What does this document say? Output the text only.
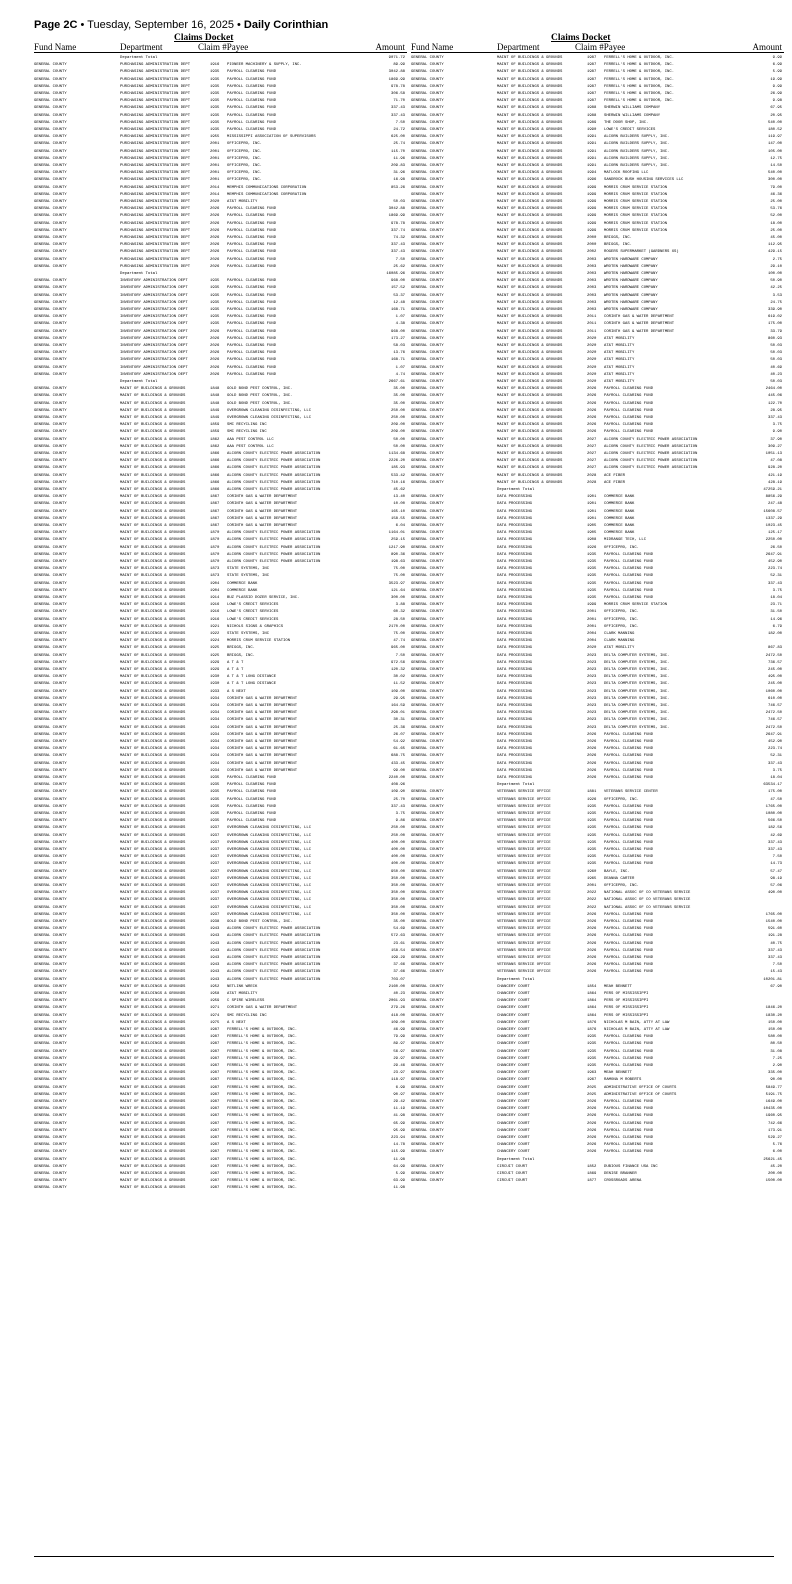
Page 2C • Tuesday, September 16, 2025 • Daily Corinthian
Claims Docket
Fund Name	Department	Claim #Payee	Amount
Department Total	9071.72
GENERAL COUNTY	PURCHASING ADMINISTRATION DEPT	1916	PIONEER MACHINERY & SUPPLY, INC.	89.99
GENERAL COUNTY	PURCHASING ADMINISTRATION DEPT	1935	PAYROLL CLEARING FUND	3042.88
GENERAL COUNTY	PURCHASING ADMINISTRATION DEPT	1935	PAYROLL CLEARING FUND	1869.99
GENERAL COUNTY	PURCHASING ADMINISTRATION DEPT	1935	PAYROLL CLEARING FUND	978.78
GENERAL COUNTY	PURCHASING ADMINISTRATION DEPT	1935	PAYROLL CLEARING FUND	306.58
GENERAL COUNTY	PURCHASING ADMINISTRATION DEPT	1935	PAYROLL CLEARING FUND	71.70
GENERAL COUNTY	PURCHASING ADMINISTRATION DEPT	1935	PAYROLL CLEARING FUND	337.43
GENERAL COUNTY	PURCHASING ADMINISTRATION DEPT	1935	PAYROLL CLEARING FUND	337.43
GENERAL COUNTY	PURCHASING ADMINISTRATION DEPT	1935	PAYROLL CLEARING FUND	7.50
GENERAL COUNTY	PURCHASING ADMINISTRATION DEPT	1935	PAYROLL CLEARING FUND	24.72
GENERAL COUNTY	PURCHASING ADMINISTRATION DEPT	1955	MISSISSIPPI ASSOCIATION OF SUPERVISORS	625.00
GENERAL COUNTY	PURCHASING ADMINISTRATION DEPT	2001	OFFICEPRO, INC.	25.74
GENERAL COUNTY	PURCHASING ADMINISTRATION DEPT	2001	OFFICEPRO, INC.	115.70
GENERAL COUNTY	PURCHASING ADMINISTRATION DEPT	2001	OFFICEPRO, INC.	11.96
GENERAL COUNTY	PURCHASING ADMINISTRATION DEPT	2001	OFFICEPRO, INC.	209.83
GENERAL COUNTY	PURCHASING ADMINISTRATION DEPT	2001	OFFICEPRO, INC.	31.96
GENERAL COUNTY	PURCHASING ADMINISTRATION DEPT	2001	OFFICEPRO, INC.	16.98
GENERAL COUNTY	PURCHASING ADMINISTRATION DEPT	2014	MEMPHIS COMMUNICATIONS CORPORATION	853.26
GENERAL COUNTY	PURCHASING ADMINISTRATION DEPT	2014	MEMPHIS COMMUNICATIONS CORPORATION
GENERAL COUNTY	PURCHASING ADMINISTRATION DEPT	2020	AT&T MOBILITY	50.03
GENERAL COUNTY	PURCHASING ADMINISTRATION DEPT	2026	PAYROLL CLEARING FUND	3042.88
GENERAL COUNTY	PURCHASING ADMINISTRATION DEPT	2026	PAYROLL CLEARING FUND	1869.99
GENERAL COUNTY	PURCHASING ADMINISTRATION DEPT	2026	PAYROLL CLEARING FUND	978.78
GENERAL COUNTY	PURCHASING ADMINISTRATION DEPT	2026	PAYROLL CLEARING FUND	337.74
GENERAL COUNTY	PURCHASING ADMINISTRATION DEPT	2026	PAYROLL CLEARING FUND	74.32
GENERAL COUNTY	PURCHASING ADMINISTRATION DEPT	2026	PAYROLL CLEARING FUND	337.43
GENERAL COUNTY	PURCHASING ADMINISTRATION DEPT	2026	PAYROLL CLEARING FUND	337.43
GENERAL COUNTY	PURCHASING ADMINISTRATION DEPT	2026	PAYROLL CLEARING FUND	7.50
GENERAL COUNTY	PURCHASING ADMINISTRATION DEPT	2026	PAYROLL CLEARING FUND	25.62
Department Total	16085.96
GENERAL COUNTY	INVENTORY ADMINISTRATION DEPT	1935	PAYROLL CLEARING FUND	968.00
GENERAL COUNTY	INVENTORY ADMINISTRATION DEPT	1935	PAYROLL CLEARING FUND	157.52
GENERAL COUNTY	INVENTORY ADMINISTRATION DEPT	1935	PAYROLL CLEARING FUND	53.37
GENERAL COUNTY	INVENTORY ADMINISTRATION DEPT	1935	PAYROLL CLEARING FUND	12.48
GENERAL COUNTY	INVENTORY ADMINISTRATION DEPT	1935	PAYROLL CLEARING FUND	168.71
GENERAL COUNTY	INVENTORY ADMINISTRATION DEPT	1935	PAYROLL CLEARING FUND	1.07
GENERAL COUNTY	INVENTORY ADMINISTRATION DEPT	1935	PAYROLL CLEARING FUND	4.38
GENERAL COUNTY	INVENTORY ADMINISTRATION DEPT	2026	PAYROLL CLEARING FUND	968.00
GENERAL COUNTY	INVENTORY ADMINISTRATION DEPT	2026	PAYROLL CLEARING FUND	173.27
GENERAL COUNTY	INVENTORY ADMINISTRATION DEPT	2026	PAYROLL CLEARING FUND	58.03
GENERAL COUNTY	INVENTORY ADMINISTRATION DEPT	2026	PAYROLL CLEARING FUND	13.76
GENERAL COUNTY	INVENTORY ADMINISTRATION DEPT	2026	PAYROLL CLEARING FUND	168.71
GENERAL COUNTY	INVENTORY ADMINISTRATION DEPT	2026	PAYROLL CLEARING FUND	1.07
GENERAL COUNTY	INVENTORY ADMINISTRATION DEPT	2026	PAYROLL CLEARING FUND	4.74
Department Total	2667.61
GENERAL COUNTY	MAINT OF BUILDINGS & GROUNDS	1848	GOLD BOND PEST CONTROL, INC.	35.00
GENERAL COUNTY	MAINT OF BUILDINGS & GROUNDS	1848	GOLD BOND PEST CONTROL, INC.	35.00
GENERAL COUNTY	MAINT OF BUILDINGS & GROUNDS	1848	GOLD BOND PEST CONTROL, INC.	35.00
GENERAL COUNTY	MAINT OF BUILDINGS & GROUNDS	1849	OVERGROWN CLEANING DISINFECTING, LLC	250.00
GENERAL COUNTY	MAINT OF BUILDINGS & GROUNDS	1849	OVERGROWN CLEANING DISINFECTING, LLC	250.00
GENERAL COUNTY	MAINT OF BUILDINGS & GROUNDS	1859	SMC RECYCLING INC	209.00
GENERAL COUNTY	MAINT OF BUILDINGS & GROUNDS	1859	SMC RECYCLING INC	209.00
GENERAL COUNTY	MAINT OF BUILDINGS & GROUNDS	1862	AAA PEST CONTROL LLC	50.00
GENERAL COUNTY	MAINT OF BUILDINGS & GROUNDS	1862	AAA PEST CONTROL LLC	50.00
GENERAL COUNTY	MAINT OF BUILDINGS & GROUNDS	1866	ALCORN COUNTY ELECTRIC POWER ASSOCIATION	1134.68
GENERAL COUNTY	MAINT OF BUILDINGS & GROUNDS	1866	ALCORN COUNTY ELECTRIC POWER ASSOCIATION	2226.20
GENERAL COUNTY	MAINT OF BUILDINGS & GROUNDS	1866	ALCORN COUNTY ELECTRIC POWER ASSOCIATION	185.93
GENERAL COUNTY	MAINT OF BUILDINGS & GROUNDS	1866	ALCORN COUNTY ELECTRIC POWER ASSOCIATION	533.42
GENERAL COUNTY	MAINT OF BUILDINGS & GROUNDS	1866	ALCORN COUNTY ELECTRIC POWER ASSOCIATION	710.16
GENERAL COUNTY	MAINT OF BUILDINGS & GROUNDS	1866	ALCORN COUNTY ELECTRIC POWER ASSOCIATION	45.62
GENERAL COUNTY	MAINT OF BUILDINGS & GROUNDS	1867	CORINTH GAS & WATER DEPARTMENT	13.40
GENERAL COUNTY	MAINT OF BUILDINGS & GROUNDS	1867	CORINTH GAS & WATER DEPARTMENT	10.00
GENERAL COUNTY	MAINT OF BUILDINGS & GROUNDS	1867	CORINTH GAS & WATER DEPARTMENT	165.10
GENERAL COUNTY	MAINT OF BUILDINGS & GROUNDS	1867	CORINTH GAS & WATER DEPARTMENT	158.55
GENERAL COUNTY	MAINT OF BUILDINGS & GROUNDS	1867	CORINTH GAS & WATER DEPARTMENT	6.04
GENERAL COUNTY	MAINT OF BUILDINGS & GROUNDS	1870	ALCORN COUNTY ELECTRIC POWER ASSOCIATION	1164.01
GENERAL COUNTY	MAINT OF BUILDINGS & GROUNDS	1870	ALCORN COUNTY ELECTRIC POWER ASSOCIATION	259.15
GENERAL COUNTY	MAINT OF BUILDINGS & GROUNDS	1870	ALCORN COUNTY ELECTRIC POWER ASSOCIATION	1217.90
GENERAL COUNTY	MAINT OF BUILDINGS & GROUNDS	1870	ALCORN COUNTY ELECTRIC POWER ASSOCIATION	890.36
GENERAL COUNTY	MAINT OF BUILDINGS & GROUNDS	1870	ALCORN COUNTY ELECTRIC POWER ASSOCIATION	198.63
GENERAL COUNTY	MAINT OF BUILDINGS & GROUNDS	1873	STATE SYSTEMS, INC	75.00
GENERAL COUNTY	MAINT OF BUILDINGS & GROUNDS	1873	STATE SYSTEMS, INC	75.00
GENERAL COUNTY	MAINT OF BUILDINGS & GROUNDS	1904	COMMERCE BANK	3523.97
GENERAL COUNTY	MAINT OF BUILDINGS & GROUNDS	1904	COMMERCE BANK	121.64
GENERAL COUNTY	MAINT OF BUILDINGS & GROUNDS	1914	BUZ PLASSID DOZER SERVICE, INC.	300.00
GENERAL COUNTY	MAINT OF BUILDINGS & GROUNDS	1916	LOWE'S CREDIT SERVICES	3.88
GENERAL COUNTY	MAINT OF BUILDINGS & GROUNDS	1916	LOWE'S CREDIT SERVICES	60.32
GENERAL COUNTY	MAINT OF BUILDINGS & GROUNDS	1916	LOWE'S CREDIT SERVICES	28.50
GENERAL COUNTY	MAINT OF BUILDINGS & GROUNDS	1921	NICHOLS SIGNS & GRAPHICS	2170.00
GENERAL COUNTY	MAINT OF BUILDINGS & GROUNDS	1922	STATE SYSTEMS, INC	75.00
GENERAL COUNTY	MAINT OF BUILDINGS & GROUNDS	1924	MORRIS CRUM SERVICE STATION	47.74
GENERAL COUNTY	MAINT OF BUILDINGS & GROUNDS	1925	BRIGGS, INC.	965.00
GENERAL COUNTY	MAINT OF BUILDINGS & GROUNDS	1925	BRIGGS, INC.	7.50
GENERAL COUNTY	MAINT OF BUILDINGS & GROUNDS	1929	A T & T	972.56
GENERAL COUNTY	MAINT OF BUILDINGS & GROUNDS	1929	A T & T	120.32
GENERAL COUNTY	MAINT OF BUILDINGS & GROUNDS	1930	A T & T LONG DISTANCE	30.02
GENERAL COUNTY	MAINT OF BUILDINGS & GROUNDS	1930	A T & T LONG DISTANCE	11.52
GENERAL COUNTY	MAINT OF BUILDINGS & GROUNDS	1933	A S NEXT	109.00
GENERAL COUNTY	MAINT OF BUILDINGS & GROUNDS	1934	CORINTH GAS & WATER DEPARTMENT	29.95
GENERAL COUNTY	MAINT OF BUILDINGS & GROUNDS	1934	CORINTH GAS & WATER DEPARTMENT	164.59
GENERAL COUNTY	MAINT OF BUILDINGS & GROUNDS	1934	CORINTH GAS & WATER DEPARTMENT	298.01
GENERAL COUNTY	MAINT OF BUILDINGS & GROUNDS	1934	CORINTH GAS & WATER DEPARTMENT	30.31
GENERAL COUNTY	MAINT OF BUILDINGS & GROUNDS	1934	CORINTH GAS & WATER DEPARTMENT	25.36
GENERAL COUNTY	MAINT OF BUILDINGS & GROUNDS	1934	CORINTH GAS & WATER DEPARTMENT	26.07
GENERAL COUNTY	MAINT OF BUILDINGS & GROUNDS	1934	CORINTH GAS & WATER DEPARTMENT	54.92
GENERAL COUNTY	MAINT OF BUILDINGS & GROUNDS	1934	CORINTH GAS & WATER DEPARTMENT	61.65
GENERAL COUNTY	MAINT OF BUILDINGS & GROUNDS	1934	CORINTH GAS & WATER DEPARTMENT	688.75
GENERAL COUNTY	MAINT OF BUILDINGS & GROUNDS	1934	CORINTH GAS & WATER DEPARTMENT	433.45
GENERAL COUNTY	MAINT OF BUILDINGS & GROUNDS	1934	CORINTH GAS & WATER DEPARTMENT	99.00
GENERAL COUNTY	MAINT OF BUILDINGS & GROUNDS	1935	PAYROLL CLEARING FUND	2240.00
GENERAL COUNTY	MAINT OF BUILDINGS & GROUNDS	1935	PAYROLL CLEARING FUND	408.96
GENERAL COUNTY	MAINT OF BUILDINGS & GROUNDS	1935	PAYROLL CLEARING FUND	109.90
GENERAL COUNTY	MAINT OF BUILDINGS & GROUNDS	1935	PAYROLL CLEARING FUND	25.70
GENERAL COUNTY	MAINT OF BUILDINGS & GROUNDS	1935	PAYROLL CLEARING FUND	337.43
GENERAL COUNTY	MAINT OF BUILDINGS & GROUNDS	1935	PAYROLL CLEARING FUND	3.75
GENERAL COUNTY	MAINT OF BUILDINGS & GROUNDS	1935	PAYROLL CLEARING FUND	9.86
GENERAL COUNTY	MAINT OF BUILDINGS & GROUNDS	1937	OVERGROWN CLEANING DISINFECTING, LLC	250.00
GENERAL COUNTY	MAINT OF BUILDINGS & GROUNDS	1937	OVERGROWN CLEANING DISINFECTING, LLC	250.00
GENERAL COUNTY	MAINT OF BUILDINGS & GROUNDS	1937	OVERGROWN CLEANING DISINFECTING, LLC	400.00
GENERAL COUNTY	MAINT OF BUILDINGS & GROUNDS	1937	OVERGROWN CLEANING DISINFECTING, LLC	400.00
GENERAL COUNTY	MAINT OF BUILDINGS & GROUNDS	1937	OVERGROWN CLEANING DISINFECTING, LLC	400.00
GENERAL COUNTY	MAINT OF BUILDINGS & GROUNDS	1937	OVERGROWN CLEANING DISINFECTING, LLC	400.00
GENERAL COUNTY	MAINT OF BUILDINGS & GROUNDS	1937	OVERGROWN CLEANING DISINFECTING, LLC	950.00
GENERAL COUNTY	MAINT OF BUILDINGS & GROUNDS	1937	OVERGROWN CLEANING DISINFECTING, LLC	350.00
GENERAL COUNTY	MAINT OF BUILDINGS & GROUNDS	1937	OVERGROWN CLEANING DISINFECTING, LLC	350.00
GENERAL COUNTY	MAINT OF BUILDINGS & GROUNDS	1937	OVERGROWN CLEANING DISINFECTING, LLC	350.00
GENERAL COUNTY	MAINT OF BUILDINGS & GROUNDS	1937	OVERGROWN CLEANING DISINFECTING, LLC	350.00
GENERAL COUNTY	MAINT OF BUILDINGS & GROUNDS	1937	OVERGROWN CLEANING DISINFECTING, LLC	350.00
GENERAL COUNTY	MAINT OF BUILDINGS & GROUNDS	1937	OVERGROWN CLEANING DISINFECTING, LLC	350.00
GENERAL COUNTY	MAINT OF BUILDINGS & GROUNDS	1938	GOLD BOND PEST CONTROL, INC.	35.00
GENERAL COUNTY	MAINT OF BUILDINGS & GROUNDS	1943	ALCORN COUNTY ELECTRIC POWER ASSOCIATION	54.69
GENERAL COUNTY	MAINT OF BUILDINGS & GROUNDS	1943	ALCORN COUNTY ELECTRIC POWER ASSOCIATION	572.63
GENERAL COUNTY	MAINT OF BUILDINGS & GROUNDS	1943	ALCORN COUNTY ELECTRIC POWER ASSOCIATION	23.61
GENERAL COUNTY	MAINT OF BUILDINGS & GROUNDS	1943	ALCORN COUNTY ELECTRIC POWER ASSOCIATION	158.54
GENERAL COUNTY	MAINT OF BUILDINGS & GROUNDS	1943	ALCORN COUNTY ELECTRIC POWER ASSOCIATION	199.29
GENERAL COUNTY	MAINT OF BUILDINGS & GROUNDS	1943	ALCORN COUNTY ELECTRIC POWER ASSOCIATION	37.66
GENERAL COUNTY	MAINT OF BUILDINGS & GROUNDS	1943	ALCORN COUNTY ELECTRIC POWER ASSOCIATION	37.66
GENERAL COUNTY	MAINT OF BUILDINGS & GROUNDS	1943	ALCORN COUNTY ELECTRIC POWER ASSOCIATION	703.07
GENERAL COUNTY	MAINT OF BUILDINGS & GROUNDS	1952	NETLINK WRECK	2160.00
GENERAL COUNTY	MAINT OF BUILDINGS & GROUNDS	1958	AT&T MOBILITY	40.23
GENERAL COUNTY	MAINT OF BUILDINGS & GROUNDS	1959	C SPIRE WIRELESS	2061.93
GENERAL COUNTY	MAINT OF BUILDINGS & GROUNDS	1971	CORINTH GAS & WATER DEPARTMENT	279.26
GENERAL COUNTY	MAINT OF BUILDINGS & GROUNDS	1974	SMC RECYCLING INC	418.00
GENERAL COUNTY	MAINT OF BUILDINGS & GROUNDS	1975	A S NEXT	109.00
GENERAL COUNTY	MAINT OF BUILDINGS & GROUNDS	1987	FERRELL'S HOME & OUTDOOR, INC.	46.99
GENERAL COUNTY	MAINT OF BUILDINGS & GROUNDS	1987	FERRELL'S HOME & OUTDOOR, INC.	79.99
GENERAL COUNTY	MAINT OF BUILDINGS & GROUNDS	1987	FERRELL'S HOME & OUTDOOR, INC.	89.97
GENERAL COUNTY	MAINT OF BUILDINGS & GROUNDS	1987	FERRELL'S HOME & OUTDOOR, INC.	56.97
GENERAL COUNTY	MAINT OF BUILDINGS & GROUNDS	1987	FERRELL'S HOME & OUTDOOR, INC.	29.97
GENERAL COUNTY	MAINT OF BUILDINGS & GROUNDS	1987	FERRELL'S HOME & OUTDOOR, INC.	29.46
GENERAL COUNTY	MAINT OF BUILDINGS & GROUNDS	1987	FERRELL'S HOME & OUTDOOR, INC.	23.97
GENERAL COUNTY	MAINT OF BUILDINGS & GROUNDS	1987	FERRELL'S HOME & OUTDOOR, INC.	118.97
GENERAL COUNTY	MAINT OF BUILDINGS & GROUNDS	1987	FERRELL'S HOME & OUTDOOR, INC.	6.99
GENERAL COUNTY	MAINT OF BUILDINGS & GROUNDS	1987	FERRELL'S HOME & OUTDOOR, INC.	90.97
GENERAL COUNTY	MAINT OF BUILDINGS & GROUNDS	1987	FERRELL'S HOME & OUTDOOR, INC.	29.42
GENERAL COUNTY	MAINT OF BUILDINGS & GROUNDS	1987	FERRELL'S HOME & OUTDOOR, INC.	11.19
GENERAL COUNTY	MAINT OF BUILDINGS & GROUNDS	1987	FERRELL'S HOME & OUTDOOR, INC.	41.98
GENERAL COUNTY	MAINT OF BUILDINGS & GROUNDS	1987	FERRELL'S HOME & OUTDOOR, INC.	65.99
GENERAL COUNTY	MAINT OF BUILDINGS & GROUNDS	1987	FERRELL'S HOME & OUTDOOR, INC.	95.99
GENERAL COUNTY	MAINT OF BUILDINGS & GROUNDS	1987	FERRELL'S HOME & OUTDOOR, INC.	223.94
GENERAL COUNTY	MAINT OF BUILDINGS & GROUNDS	1987	FERRELL'S HOME & OUTDOOR, INC.	14.78
GENERAL COUNTY	MAINT OF BUILDINGS & GROUNDS	1987	FERRELL'S HOME & OUTDOOR, INC.	115.99
GENERAL COUNTY	MAINT OF BUILDINGS & GROUNDS	1987	FERRELL'S HOME & OUTDOOR, INC.	11.98
GENERAL COUNTY	MAINT OF BUILDINGS & GROUNDS	1987	FERRELL'S HOME & OUTDOOR, INC.	64.99
GENERAL COUNTY	MAINT OF BUILDINGS & GROUNDS	1987	FERRELL'S HOME & OUTDOOR, INC.	5.99
GENERAL COUNTY	MAINT OF BUILDINGS & GROUNDS	1987	FERRELL'S HOME & OUTDOOR, INC.	63.99
GENERAL COUNTY	MAINT OF BUILDINGS & GROUNDS	1987	FERRELL'S HOME & OUTDOOR, INC.	11.98
Claims Docket
Fund Name	Department	Claim #Payee	Amount
GENERAL COUNTY	MAINT OF BUILDINGS & GROUNDS	1987	FERRELL'S HOME & OUTDOOR, INC.	9.99
GENERAL COUNTY	MAINT OF BUILDINGS & GROUNDS	1987	FERRELL'S HOME & OUTDOOR, INC.	6.99
GENERAL COUNTY	MAINT OF BUILDINGS & GROUNDS	1987	FERRELL'S HOME & OUTDOOR, INC.	5.99
GENERAL COUNTY	MAINT OF BUILDINGS & GROUNDS	1987	FERRELL'S HOME & OUTDOOR, INC.	19.99
GENERAL COUNTY	MAINT OF BUILDINGS & GROUNDS	1987	FERRELL'S HOME & OUTDOOR, INC.	9.99
GENERAL COUNTY	MAINT OF BUILDINGS & GROUNDS	1987	FERRELL'S HOME & OUTDOOR, INC.	26.99
GENERAL COUNTY	MAINT OF BUILDINGS & GROUNDS	1987	FERRELL'S HOME & OUTDOOR, INC.	9.98
GENERAL COUNTY	MAINT OF BUILDINGS & GROUNDS	1988	SHERWIN WILLIAMS COMPANY	67.95
GENERAL COUNTY	MAINT OF BUILDINGS & GROUNDS	1988	SHERWIN WILLIAMS COMPANY	20.95
GENERAL COUNTY	MAINT OF BUILDINGS & GROUNDS	1989	THE DOOR SHOP, INC.	540.00
GENERAL COUNTY	MAINT OF BUILDINGS & GROUNDS	1990	LOWE'S CREDIT SERVICES	180.52
GENERAL COUNTY	MAINT OF BUILDINGS & GROUNDS	1991	ALCORN BUILDERS SUPPLY, INC.	119.97
GENERAL COUNTY	MAINT OF BUILDINGS & GROUNDS	1991	ALCORN BUILDERS SUPPLY, INC.	147.00
GENERAL COUNTY	MAINT OF BUILDINGS & GROUNDS	1991	ALCORN BUILDERS SUPPLY, INC.	105.00
GENERAL COUNTY	MAINT OF BUILDINGS & GROUNDS	1991	ALCORN BUILDERS SUPPLY, INC.	12.75
GENERAL COUNTY	MAINT OF BUILDINGS & GROUNDS	1991	ALCORN BUILDERS SUPPLY, INC.	14.50
GENERAL COUNTY	MAINT OF BUILDINGS & GROUNDS	1994	MATLOCK ROOFING LLC	540.00
GENERAL COUNTY	MAINT OF BUILDINGS & GROUNDS	1996	SANDROCK BUSH HOUSING SERVICES LLC	300.00
GENERAL COUNTY	MAINT OF BUILDINGS & GROUNDS	1999	MORRIS CRUM SERVICE STATION	79.00
GENERAL COUNTY	MAINT OF BUILDINGS & GROUNDS	1999	MORRIS CRUM SERVICE STATION	46.36
GENERAL COUNTY	MAINT OF BUILDINGS & GROUNDS	1999	MORRIS CRUM SERVICE STATION	25.00
GENERAL COUNTY	MAINT OF BUILDINGS & GROUNDS	1999	MORRIS CRUM SERVICE STATION	53.76
GENERAL COUNTY	MAINT OF BUILDINGS & GROUNDS	1999	MORRIS CRUM SERVICE STATION	52.00
GENERAL COUNTY	MAINT OF BUILDINGS & GROUNDS	1999	MORRIS CRUM SERVICE STATION	18.00
GENERAL COUNTY	MAINT OF BUILDINGS & GROUNDS	1999	MORRIS CRUM SERVICE STATION	25.00
GENERAL COUNTY	MAINT OF BUILDINGS & GROUNDS	2000	BRIGGS, INC.	45.00
GENERAL COUNTY	MAINT OF BUILDINGS & GROUNDS	2000	BRIGGS, INC.	112.95
GENERAL COUNTY	MAINT OF BUILDINGS & GROUNDS	2002	ROGERS SUPERMARKET (GARDNERS XS)	429.15
GENERAL COUNTY	MAINT OF BUILDINGS & GROUNDS	2003	WROTEN HARDWARE COMPANY	2.75
GENERAL COUNTY	MAINT OF BUILDINGS & GROUNDS	2003	WROTEN HARDWARE COMPANY	29.10
GENERAL COUNTY	MAINT OF BUILDINGS & GROUNDS	2003	WROTEN HARDWARE COMPANY	100.00
GENERAL COUNTY	MAINT OF BUILDINGS & GROUNDS	2003	WROTEN HARDWARE COMPANY	50.90
GENERAL COUNTY	MAINT OF BUILDINGS & GROUNDS	2003	WROTEN HARDWARE COMPANY	42.25
GENERAL COUNTY	MAINT OF BUILDINGS & GROUNDS	2003	WROTEN HARDWARE COMPANY	3.53
GENERAL COUNTY	MAINT OF BUILDINGS & GROUNDS	2003	WROTEN HARDWARE COMPANY	24.75
GENERAL COUNTY	MAINT OF BUILDINGS & GROUNDS	2003	WROTEN HARDWARE COMPANY	339.90
GENERAL COUNTY	MAINT OF BUILDINGS & GROUNDS	2011	CORINTH GAS & WATER DEPARTMENT	619.02
GENERAL COUNTY	MAINT OF BUILDINGS & GROUNDS	2011	CORINTH GAS & WATER DEPARTMENT	175.00
GENERAL COUNTY	MAINT OF BUILDINGS & GROUNDS	2011	CORINTH GAS & WATER DEPARTMENT	33.79
GENERAL COUNTY	MAINT OF BUILDINGS & GROUNDS	2020	AT&T MOBILITY	860.93
GENERAL COUNTY	MAINT OF BUILDINGS & GROUNDS	2020	AT&T MOBILITY	50.03
GENERAL COUNTY	MAINT OF BUILDINGS & GROUNDS	2020	AT&T MOBILITY	50.03
GENERAL COUNTY	MAINT OF BUILDINGS & GROUNDS	2020	AT&T MOBILITY	50.03
GENERAL COUNTY	MAINT OF BUILDINGS & GROUNDS	2020	AT&T MOBILITY	40.69
GENERAL COUNTY	MAINT OF BUILDINGS & GROUNDS	2020	AT&T MOBILITY	40.23
GENERAL COUNTY	MAINT OF BUILDINGS & GROUNDS	2020	AT&T MOBILITY	50.03
GENERAL COUNTY	MAINT OF BUILDINGS & GROUNDS	2026	PAYROLL CLEARING FUND	2464.00
GENERAL COUNTY	MAINT OF BUILDINGS & GROUNDS	2026	PAYROLL CLEARING FUND	445.06
GENERAL COUNTY	MAINT OF BUILDINGS & GROUNDS	2026	PAYROLL CLEARING FUND	122.70
GENERAL COUNTY	MAINT OF BUILDINGS & GROUNDS	2026	PAYROLL CLEARING FUND	28.95
GENERAL COUNTY	MAINT OF BUILDINGS & GROUNDS	2026	PAYROLL CLEARING FUND	337.43
GENERAL COUNTY	MAINT OF BUILDINGS & GROUNDS	2026	PAYROLL CLEARING FUND	3.75
GENERAL COUNTY	MAINT OF BUILDINGS & GROUNDS	2026	PAYROLL CLEARING FUND	9.90
GENERAL COUNTY	MAINT OF BUILDINGS & GROUNDS	2027	ALCORN COUNTY ELECTRIC POWER ASSOCIATION	37.90
GENERAL COUNTY	MAINT OF BUILDINGS & GROUNDS	2027	ALCORN COUNTY ELECTRIC POWER ASSOCIATION	309.27
GENERAL COUNTY	MAINT OF BUILDINGS & GROUNDS	2027	ALCORN COUNTY ELECTRIC POWER ASSOCIATION	1051.13
GENERAL COUNTY	MAINT OF BUILDINGS & GROUNDS	2027	ALCORN COUNTY ELECTRIC POWER ASSOCIATION	47.08
GENERAL COUNTY	MAINT OF BUILDINGS & GROUNDS	2027	ALCORN COUNTY ELECTRIC POWER ASSOCIATION	928.20
GENERAL COUNTY	MAINT OF BUILDINGS & GROUNDS	2028	ACE FIBER	421.19
GENERAL COUNTY	MAINT OF BUILDINGS & GROUNDS	2028	ACE FIBER	428.19
Department Total	47259.21
GENERAL COUNTY	DATA PROCESSING	1901	COMMERCE BANK	8856.29
GENERAL COUNTY	DATA PROCESSING	1901	COMMERCE BANK	247.48
GENERAL COUNTY	DATA PROCESSING	1901	COMMERCE BANK	15608.57
GENERAL COUNTY	DATA PROCESSING	1901	COMMERCE BANK	1337.29
GENERAL COUNTY	DATA PROCESSING	1905	COMMERCE BANK	1023.45
GENERAL COUNTY	DATA PROCESSING	1905	COMMERCE BANK	125.17
GENERAL COUNTY	DATA PROCESSING	1908	MIDRANGE TECH, LLC	2250.00
GENERAL COUNTY	DATA PROCESSING	1926	OFFICEPRO, INC.	26.50
GENERAL COUNTY	DATA PROCESSING	1935	PAYROLL CLEARING FUND	2647.91
GENERAL COUNTY	DATA PROCESSING	1935	PAYROLL CLEARING FUND	452.90
GENERAL COUNTY	DATA PROCESSING	1935	PAYROLL CLEARING FUND	223.74
GENERAL COUNTY	DATA PROCESSING	1935	PAYROLL CLEARING FUND	52.31
GENERAL COUNTY	DATA PROCESSING	1935	PAYROLL CLEARING FUND	337.43
GENERAL COUNTY	DATA PROCESSING	1935	PAYROLL CLEARING FUND	3.75
GENERAL COUNTY	DATA PROCESSING	1935	PAYROLL CLEARING FUND	18.04
GENERAL COUNTY	DATA PROCESSING	1999	MORRIS CRUM SERVICE STATION	23.71
GENERAL COUNTY	DATA PROCESSING	2001	OFFICEPRO, INC.	31.50
GENERAL COUNTY	DATA PROCESSING	2001	OFFICEPRO, INC.	14.96
GENERAL COUNTY	DATA PROCESSING	2001	OFFICEPRO, INC.	6.79
GENERAL COUNTY	DATA PROCESSING	2004	CLARK MANNING	182.00
GENERAL COUNTY	DATA PROCESSING	2004	CLARK MANNING
GENERAL COUNTY	DATA PROCESSING	2020	AT&T MOBILITY	867.83
GENERAL COUNTY	DATA PROCESSING	2023	DELTA COMPUTER SYSTEMS, INC.	2472.50
GENERAL COUNTY	DATA PROCESSING	2023	DELTA COMPUTER SYSTEMS, INC.	736.57
GENERAL COUNTY	DATA PROCESSING	2023	DELTA COMPUTER SYSTEMS, INC.	245.00
GENERAL COUNTY	DATA PROCESSING	2023	DELTA COMPUTER SYSTEMS, INC.	495.00
GENERAL COUNTY	DATA PROCESSING	2023	DELTA COMPUTER SYSTEMS, INC.	245.00
GENERAL COUNTY	DATA PROCESSING	2023	DELTA COMPUTER SYSTEMS, INC.	1060.00
GENERAL COUNTY	DATA PROCESSING	2023	DELTA COMPUTER SYSTEMS, INC.	610.00
GENERAL COUNTY	DATA PROCESSING	2023	DELTA COMPUTER SYSTEMS, INC.	746.57
GENERAL COUNTY	DATA PROCESSING	2023	DELTA COMPUTER SYSTEMS, INC.	2472.50
GENERAL COUNTY	DATA PROCESSING	2023	DELTA COMPUTER SYSTEMS, INC.	746.57
GENERAL COUNTY	DATA PROCESSING	2023	DELTA COMPUTER SYSTEMS, INC.	2472.50
GENERAL COUNTY	DATA PROCESSING	2026	PAYROLL CLEARING FUND	2647.91
GENERAL COUNTY	DATA PROCESSING	2026	PAYROLL CLEARING FUND	452.90
GENERAL COUNTY	DATA PROCESSING	2026	PAYROLL CLEARING FUND	223.74
GENERAL COUNTY	DATA PROCESSING	2026	PAYROLL CLEARING FUND	52.31
GENERAL COUNTY	DATA PROCESSING	2026	PAYROLL CLEARING FUND	337.43
GENERAL COUNTY	DATA PROCESSING	2026	PAYROLL CLEARING FUND	3.75
GENERAL COUNTY	DATA PROCESSING	2026	PAYROLL CLEARING FUND	18.04
Department Total	63534.17
GENERAL COUNTY	VETERANS SERVICE OFFICE	1881	VETERANS SERVICE CENTER	175.00
GENERAL COUNTY	VETERANS SERVICE OFFICE	1926	OFFICEPRO, INC.	47.50
GENERAL COUNTY	VETERANS SERVICE OFFICE	1935	PAYROLL CLEARING FUND	1765.00
GENERAL COUNTY	VETERANS SERVICE OFFICE	1935	PAYROLL CLEARING FUND	1080.00
GENERAL COUNTY	VETERANS SERVICE OFFICE	1935	PAYROLL CLEARING FUND	566.50
GENERAL COUNTY	VETERANS SERVICE OFFICE	1935	PAYROLL CLEARING FUND	182.56
GENERAL COUNTY	VETERANS SERVICE OFFICE	1935	PAYROLL CLEARING FUND	42.69
GENERAL COUNTY	VETERANS SERVICE OFFICE	1935	PAYROLL CLEARING FUND	337.43
GENERAL COUNTY	VETERANS SERVICE OFFICE	1935	PAYROLL CLEARING FUND	337.43
GENERAL COUNTY	VETERANS SERVICE OFFICE	1935	PAYROLL CLEARING FUND	7.50
GENERAL COUNTY	VETERANS SERVICE OFFICE	1935	PAYROLL CLEARING FUND	14.73
GENERAL COUNTY	VETERANS SERVICE OFFICE	1960	BAYLE, INC.	57.47
GENERAL COUNTY	VETERANS SERVICE OFFICE	1965	DEANNA CARTER	98.19
GENERAL COUNTY	VETERANS SERVICE OFFICE	2001	OFFICEPRO, INC.	57.06
GENERAL COUNTY	VETERANS SERVICE OFFICE	2022	NATIONAL ASSOC OF CO VETERANS SERVICE	490.00
GENERAL COUNTY	VETERANS SERVICE OFFICE	2022	NATIONAL ASSOC OF CO VETERANS SERVICE
GENERAL COUNTY	VETERANS SERVICE OFFICE	2022	NATIONAL ASSOC OF CO VETERANS SERVICE
GENERAL COUNTY	VETERANS SERVICE OFFICE	2026	PAYROLL CLEARING FUND	1765.00
GENERAL COUNTY	VETERANS SERVICE OFFICE	2026	PAYROLL CLEARING FUND	1540.00
GENERAL COUNTY	VETERANS SERVICE OFFICE	2026	PAYROLL CLEARING FUND	591.60
GENERAL COUNTY	VETERANS SERVICE OFFICE	2026	PAYROLL CLEARING FUND	191.28
GENERAL COUNTY	VETERANS SERVICE OFFICE	2026	PAYROLL CLEARING FUND	40.75
GENERAL COUNTY	VETERANS SERVICE OFFICE	2026	PAYROLL CLEARING FUND	337.43
GENERAL COUNTY	VETERANS SERVICE OFFICE	2026	PAYROLL CLEARING FUND	337.43
GENERAL COUNTY	VETERANS SERVICE OFFICE	2026	PAYROLL CLEARING FUND	7.50
GENERAL COUNTY	VETERANS SERVICE OFFICE	2026	PAYROLL CLEARING FUND	15.43
Department Total	10201.81
GENERAL COUNTY	CHANCERY COURT	1854	MEAH BENNETT	67.90
GENERAL COUNTY	CHANCERY COURT	1864	PERS OF MISSISSIPPI
GENERAL COUNTY	CHANCERY COURT	1864	PERS OF MISSISSIPPI
GENERAL COUNTY	CHANCERY COURT	1864	PERS OF MISSISSIPPI	1846.20
GENERAL COUNTY	CHANCERY COURT	1864	PERS OF MISSISSIPPI	1830.20
GENERAL COUNTY	CHANCERY COURT	1876	NICHOLAS M BAIN, ATTY AT LAW	150.00
GENERAL COUNTY	CHANCERY COURT	1876	NICHOLAS M BAIN, ATTY AT LAW	150.00
GENERAL COUNTY	CHANCERY COURT	1935	PAYROLL CLEARING FUND	580.00
GENERAL COUNTY	CHANCERY COURT	1935	PAYROLL CLEARING FUND	80.50
GENERAL COUNTY	CHANCERY COURT	1935	PAYROLL CLEARING FUND	31.08
GENERAL COUNTY	CHANCERY COURT	1935	PAYROLL CLEARING FUND	7.25
GENERAL COUNTY	CHANCERY COURT	1935	PAYROLL CLEARING FUND	2.90
GENERAL COUNTY	CHANCERY COURT	1963	MEAH BENNETT	335.00
GENERAL COUNTY	CHANCERY COURT	1967	RAMONA M ROBERTS	90.00
GENERAL COUNTY	CHANCERY COURT	2025	ADMINISTRATIVE OFFICE OF COURTS	5849.77
GENERAL COUNTY	CHANCERY COURT	2025	ADMINISTRATIVE OFFICE OF COURTS	5191.75
GENERAL COUNTY	CHANCERY COURT	2026	PAYROLL CLEARING FUND	1649.00
GENERAL COUNTY	CHANCERY COURT	2026	PAYROLL CLEARING FUND	10435.00
GENERAL COUNTY	CHANCERY COURT	2026	PAYROLL CLEARING FUND	1960.95
GENERAL COUNTY	CHANCERY COURT	2026	PAYROLL CLEARING FUND	742.66
GENERAL COUNTY	CHANCERY COURT	2026	PAYROLL CLEARING FUND	173.91
GENERAL COUNTY	CHANCERY COURT	2026	PAYROLL CLEARING FUND	529.27
GENERAL COUNTY	CHANCERY COURT	2026	PAYROLL CLEARING FUND	5.76
GENERAL COUNTY	CHANCERY COURT	2026	PAYROLL CLEARING FUND	6.00
Department Total	25621.45
GENERAL COUNTY	CIRCUIT COURT	1852	DUBIOUS FINANCE USA INC	45.20
GENERAL COUNTY	CIRCUIT COURT	1869	DENISE BRANNER	200.00
GENERAL COUNTY	CIRCUIT COURT	1877	CROSSROADS ARENA	1500.00
